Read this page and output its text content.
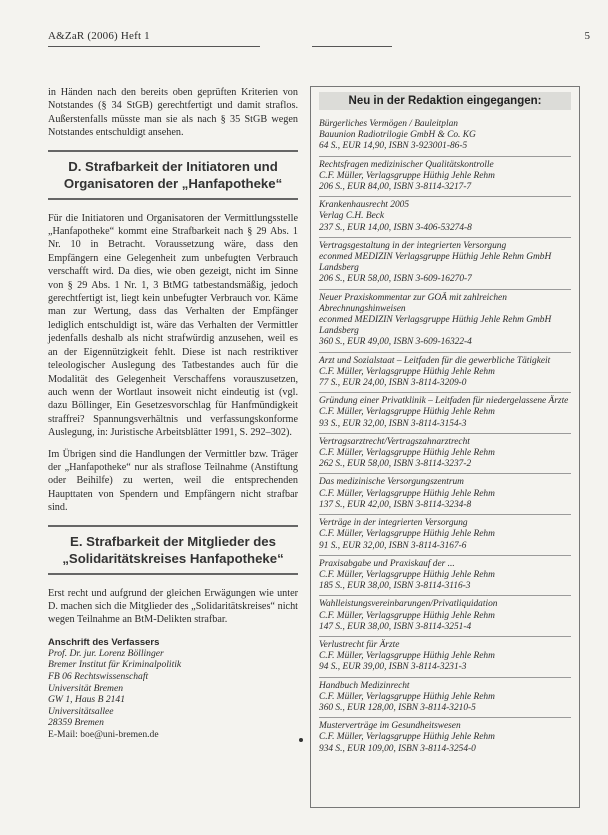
A&ZaR (2006) Heft 1	5

in Händen nach den bereits oben geprüften Kriterien von Notstandes (§ 34 StGB) gerechtfertigt und damit straflos. Außerstenfalls müsste man sie als nach § 35 StGB wegen Notstandes entschuldigt ansehen.

D. Strafbarkeit der Initiatoren und Organisatoren der „Hanfapotheke“

Für die Initiatoren und Organisatoren der Vermittlungsstelle „Hanfapotheke“ kommt eine Strafbarkeit nach § 29 Abs. 1 Nr. 10 in Betracht. Voraussetzung wäre, dass den Empfängern eine Gelegenheit zum unbefugten Verbrauch verschafft wird. Da dies, wie oben gezeigt, nicht im Sinne von § 29 Abs. 1 Nr. 1, 3 BtMG tatbestandsmäßig, jedoch gerechtfertigt ist, liegt kein unbefugter Verbrauch vor. Käme man zur Wertung, dass das Verhalten der Empfänger lediglich entschuldigt ist, wäre das Verhalten der Vermittler jedenfalls deshalb als nicht strafwürdig anzusehen, weil es an der Eigennützigkeit fehlt. Diese ist nach restriktiver teleologischer Auslegung des Tatbestandes auch für die Modalität des Gelegenheit Verschaffens vorauszusetzen, auch wenn der Wortlaut insoweit nicht eindeutig ist (vgl. dazu Böllinger, Ein Gesetzesvorschlag für Hanfmündigkeit straffrei? Spannungsverhältnis und verfassungskonforme Auslegung, in: Juristische Arbeitsblätter 1991, S. 292–302).

Im Übrigen sind die Handlungen der Vermittler bzw. Träger der „Hanfapotheke“ nur als straflose Teilnahme (Anstiftung oder Beihilfe) zu werten, weil die entsprechenden Haupttaten von Spendern und Empfängern nicht strafbar sind.

E. Strafbarkeit der Mitglieder des „Solidaritätskreises Hanfapotheke“

Erst recht und aufgrund der gleichen Erwägungen wie unter D. machen sich die Mitglieder des „Solidaritätskreises“ nicht wegen Teilnahme an BtM-Delikten strafbar.

Anschrift des Verfassers
Prof. Dr. jur. Lorenz Böllinger
Bremer Institut für Kriminalpolitik
FB 06 Rechtswissenschaft
Universität Bremen
GW 1, Haus B 2141
Universitätsallee
28359 Bremen
E-Mail: boe@uni-bremen.de
Neu in der Redaktion eingegangen:
Bürgerliches Vermögen / Bauleitplan
Bauunion Radiotrilogie GmbH & Co. KG
64 S., EUR 14,90, ISBN 3-923001-86-5
Rechtsfragen medizinischer Qualitätskontrolle
C.F. Müller, Verlagsgruppe Hüthig Jehle Rehm
206 S., EUR 84,00, ISBN 3-8114-3217-7
Krankenhausrecht 2005
Verlag C.H. Beck
237 S., EUR 14,00, ISBN 3-406-53274-8
Vertragsgestaltung in der integrierten Versorgung
econmed MEDIZIN Verlagsgruppe Hüthig Jehle Rehm GmbH Landsberg
206 S., EUR 58,00, ISBN 3-609-16270-7
Neuer Praxiskommentar zur GOÄ mit zahlreichen Abrechnungshinweisen
econmed MEDIZIN Verlagsgruppe Hüthig Jehle Rehm GmbH Landsberg
360 S., EUR 49,00, ISBN 3-609-16322-4
Arzt und Sozialstaat – Leitfaden für die gewerbliche Tätigkeit
C.F. Müller, Verlagsgruppe Hüthig Jehle Rehm
77 S., EUR 24,00, ISBN 3-8114-3209-0
Gründung einer Privatklinik – Leitfaden für niedergelassene Ärzte
C.F. Müller, Verlagsgruppe Hüthig Jehle Rehm
93 S., EUR 32,00, ISBN 3-8114-3154-3
Vertragsarztrecht/Vertragszahnarztrecht
C.F. Müller, Verlagsgruppe Hüthig Jehle Rehm
262 S., EUR 58,00, ISBN 3-8114-3237-2
Das medizinische Versorgungszentrum
C.F. Müller, Verlagsgruppe Hüthig Jehle Rehm
137 S., EUR 42,00, ISBN 3-8114-3234-8
Verträge in der integrierten Versorgung
C.F. Müller, Verlagsgruppe Hüthig Jehle Rehm
91 S., EUR 32,00, ISBN 3-8114-3167-6
Praxisabgabe und Praxiskauf der ...
C.F. Müller, Verlagsgruppe Hüthig Jehle Rehm
185 S., EUR 38,00, ISBN 3-8114-3116-3
Wahlleistungsvereinbarungen/Privatliquidation
C.F. Müller, Verlagsgruppe Hüthig Jehle Rehm
147 S., EUR 38,00, ISBN 3-8114-3251-4
Verlustrecht für Ärzte
C.F. Müller, Verlagsgruppe Hüthig Jehle Rehm
94 S., EUR 39,00, ISBN 3-8114-3231-3
Handbuch Medizinrecht
C.F. Müller, Verlagsgruppe Hüthig Jehle Rehm
360 S., EUR 128,00, ISBN 3-8114-3210-5
Musterverträge im Gesundheitswesen
C.F. Müller, Verlagsgruppe Hüthig Jehle Rehm
934 S., EUR 109,00, ISBN 3-8114-3254-0
